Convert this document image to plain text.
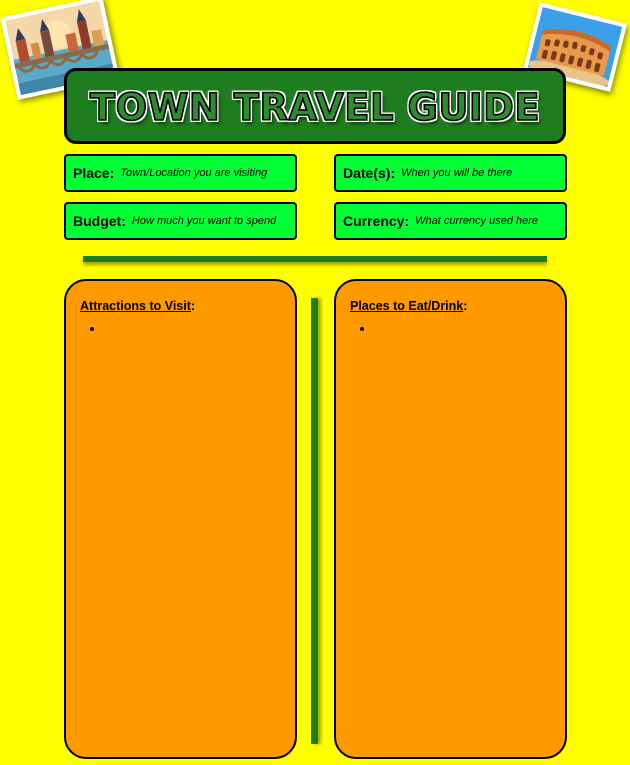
TOWN TRAVEL GUIDE
Place: Town/Location you are visiting	Date(s): When you will be there
Budget: How much you want to spend	Currency: What currency used here
Attractions to Visit:
•	Places to Eat/Drink:
•
